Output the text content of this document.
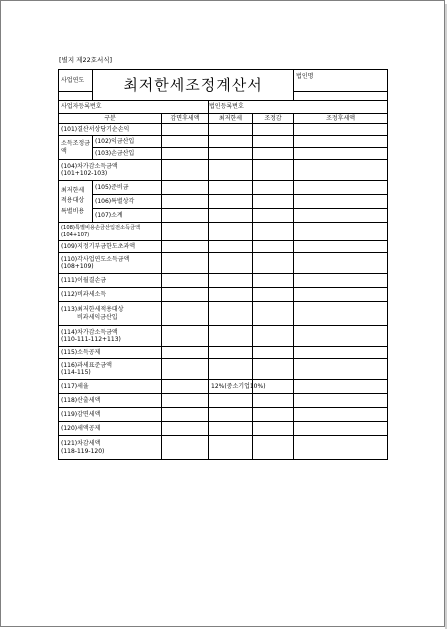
[별지 제22호서식]
사업연도	최저한세조정계산서				법인명

사업자등록번호			법인등록번호		
구분		감면후세액	최저한세	조정감	조정후세액
(101)결산서상당기순손익					
소득조정금액	(102)익금산입				
	(103)손금산입				

(104)차가감소득금액
(101+102-103)					

최저한세 적용대상 특별비용	(105)준비금				
	(106)특별상각				
	(107)소계				

(108)특별비용손금산입전소득금액
(104+107)					

(109)지정기부금한도초과액					

(110)각사업연도소득금액
(108+109)					

(111)이월결손금					
(112)비과세소득					

(113)최저한세적용대상
비과세익금산입					

(114)차가감소득금액
(110-111-112+113)					

(115)소득공제					

(116)과세표준금액
(114-115)					

(117)세율			12%(중소기업10%)		
(118)산출세액					
(119)감면세액					
(120)세액공제					

(121)차감세액
(118-119-120)					
